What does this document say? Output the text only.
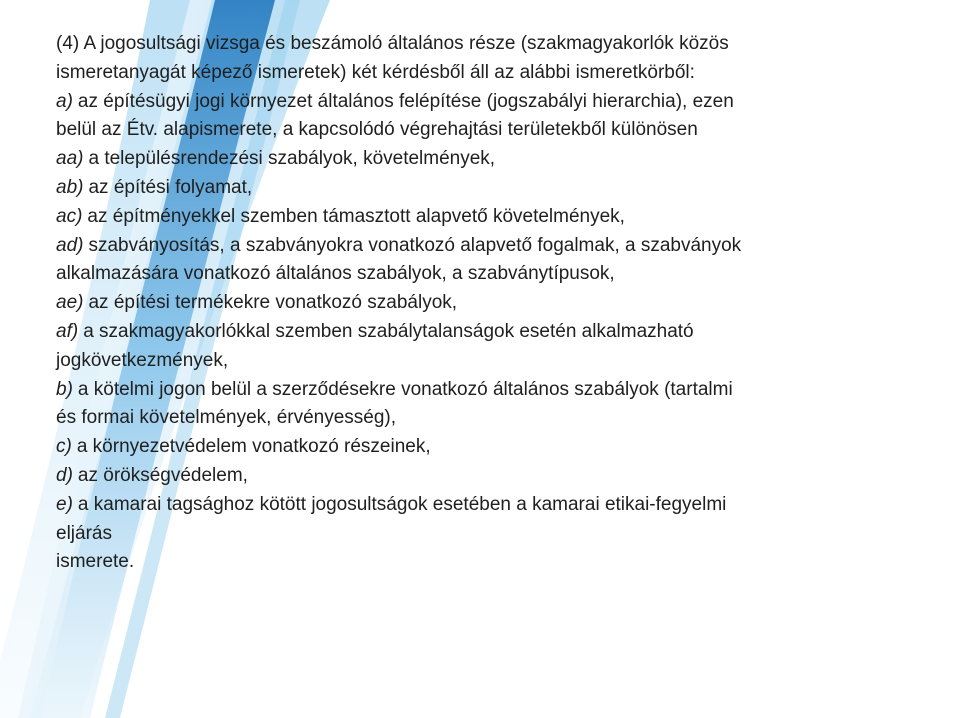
(4) A jogosultsági vizsga és beszámoló általános része (szakmagyakorlók közös
ismeretanyagát képező ismeretek) két kérdésből áll az alábbi ismeretkörből:
a) az építésügyi jogi környezet általános felépítése (jogszabályi hierarchia), ezen
belül az Étv. alapismerete, a kapcsolódó végrehajtási területekből különösen
aa) a településrendezési szabályok, követelmények,
ab) az építési folyamat,
ac) az építményekkel szemben támasztott alapvető követelmények,
ad) szabványosítás, a szabványokra vonatkozó alapvető fogalmak, a szabványok
alkalmazására vonatkozó általános szabályok, a szabványtípusok,
ae) az építési termékekre vonatkozó szabályok,
af) a szakmagyakorlókkal szemben szabálytalanságok esetén alkalmazható
jogkövetkezmények,
b) a kötelmi jogon belül a szerződésekre vonatkozó általános szabályok (tartalmi
és formai követelmények, érvényesség),
c) a környezetvédelem vonatkozó részeinek,
d) az örökségvédelem,
e) a kamarai tagsághoz kötött jogosultságok esetében a kamarai etikai-fegyelmi
eljárás
ismerete.
